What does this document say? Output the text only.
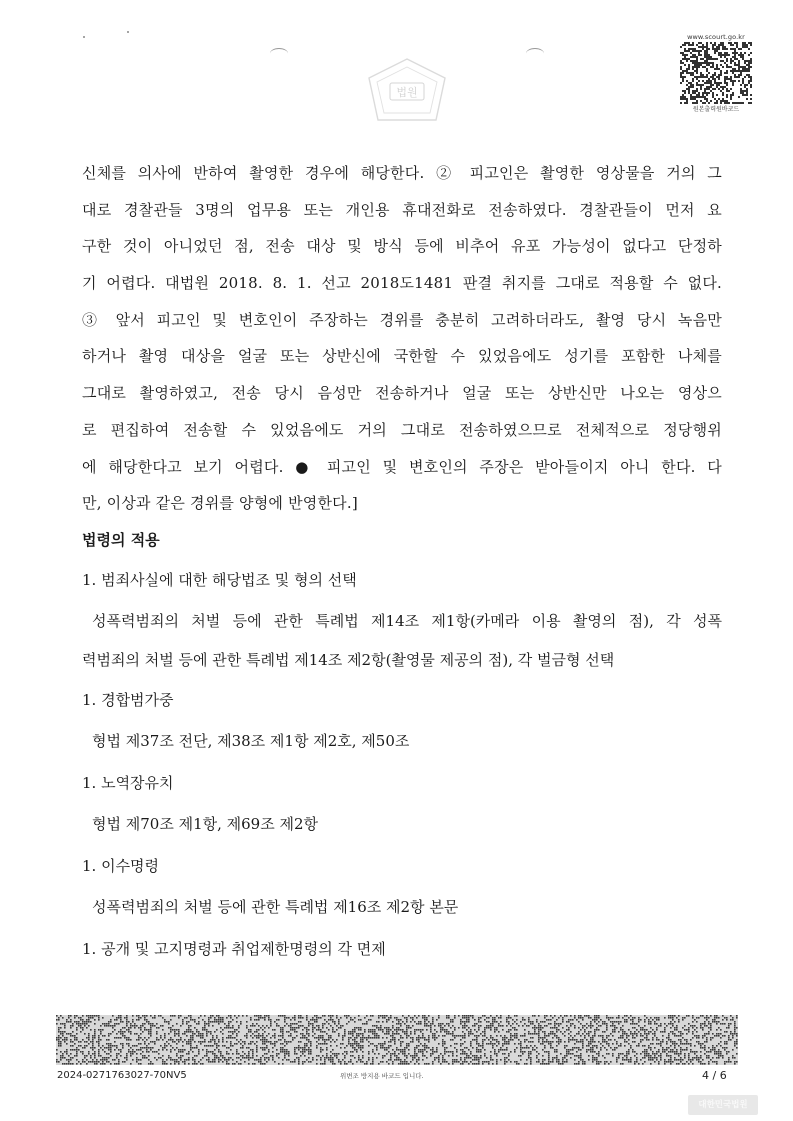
법원
www.scourt.go.kr
원본출력원바코드
신체를 의사에 반하여 촬영한 경우에 해당한다. ② 피고인은 촬영한 영상물을 거의 그
대로 경찰관들 3명의 업무용 또는 개인용 휴대전화로 전송하였다. 경찰관들이 먼저 요
구한 것이 아니었던 점, 전송 대상 및 방식 등에 비추어 유포 가능성이 없다고 단정하
기 어렵다. 대법원 2018. 8. 1. 선고 2018도1481 판결 취지를 그대로 적용할 수 없다.
③ 앞서 피고인 및 변호인이 주장하는 경위를 충분히 고려하더라도, 촬영 당시 녹음만
하거나 촬영 대상을 얼굴 또는 상반신에 국한할 수 있었음에도 성기를 포함한 나체를
그대로 촬영하였고, 전송 당시 음성만 전송하거나 얼굴 또는 상반신만 나오는 영상으
로 편집하여 전송할 수 있었음에도 거의 그대로 전송하였으므로 전체적으로 정당행위
에 해당한다고 보기 어렵다. ● 피고인 및 변호인의 주장은 받아들이지 아니 한다. 다
만, 이상과 같은 경위를 양형에 반영한다.]
법령의 적용
1. 범죄사실에 대한 해당법조 및 형의 선택
성폭력범죄의 처벌 등에 관한 특례법 제14조 제1항(카메라 이용 촬영의 점), 각 성폭
력범죄의 처벌 등에 관한 특례법 제14조 제2항(촬영물 제공의 점), 각 벌금형 선택
1. 경합범가중
형법 제37조 전단, 제38조 제1항 제2호, 제50조
1. 노역장유치
형법 제70조 제1항, 제69조 제2항
1. 이수명령
성폭력범죄의 처벌 등에 관한 특례법 제16조 제2항 본문
1. 공개 및 고지명령과 취업제한명령의 각 면제
2024-0271763027-70NV5	위변조 방지용 바코드 입니다.	4 / 6
대한민국법원
